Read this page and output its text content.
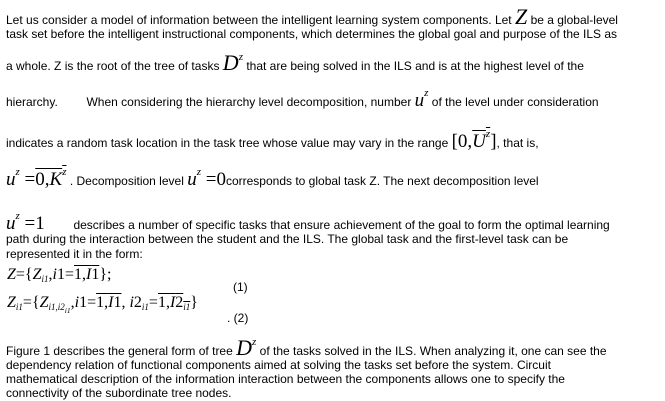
Let us consider a model of information between the intelligent learning system components. Let Z be a global-level
task set before the intelligent instructional components, which determines the global goal and purpose of the ILS as
a whole. Z is the root of the tree of tasks $D^z$ that are being solved in the ILS and is at the highest level of the
hierarchy. When considering the hierarchy level decomposition, number $u^z$ of the level under consideration
indicates a random task location in the task tree whose value may vary in the range $[0,U^z]$, that is,
$u^z =0,K^z$ . Decomposition level $u^z$ =0corresponds to global task Z. The next decomposition level
$u^z =1$ describes a number of specific tasks that ensure achievement of the goal to form the optimal learning
path during the interaction between the student and the ILS. The global task and the first-level task can be
represented it in the form:
$Z=\{Z_{i1},i1=1,I1\}$;
(1)
$Z_{i1}=\{Z_{i1,i2_{i1}},i1=1,I1$, $i2_{i1}=1,I2_{i1}$}
. (2)
Figure 1 describes the general form of tree $D^z$ of the tasks solved in the ILS. When analyzing it, one can see the
dependency relation of functional components aimed at solving the tasks set before the system. Circuit
mathematical description of the information interaction between the components allows one to specify the
connectivity of the subordinate tree nodes.
